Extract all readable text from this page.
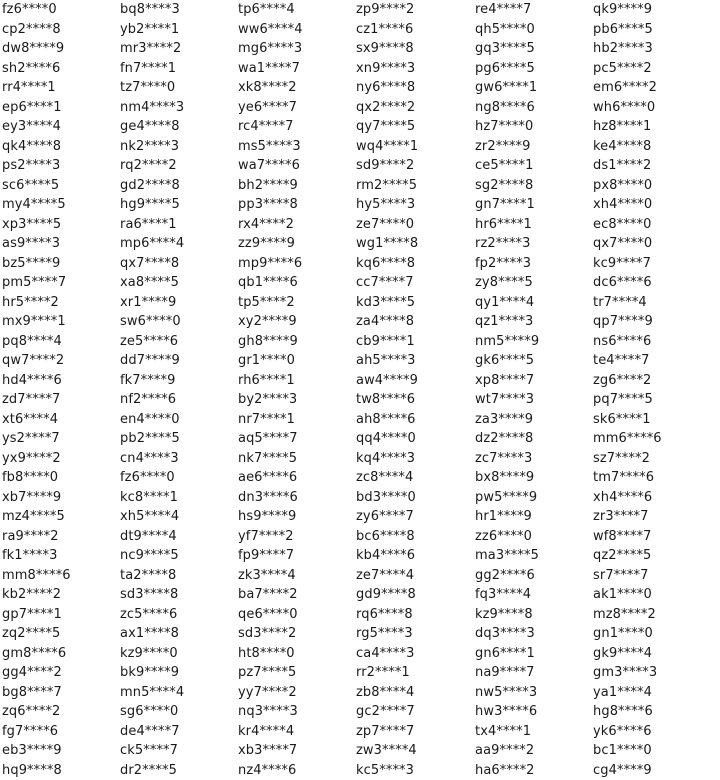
fz6****0	bq8****3	tp6****4	zp9****2	re4****7	qk9****9
cp2****8	yb2****1	ww6****4	cz1****6	qh5****0	pb6****5
dw8****9	mr3****2	mg6****3	sx9****8	gq3****5	hb2****3
sh2****6	fn7****1	wa1****7	xn9****3	pg6****5	pc5****2
rr4****1	tz7****0	xk8****2	ny6****8	gw6****1	em6****2
ep6****1	nm4****3	ye6****7	qx2****2	ng8****6	wh6****0
ey3****4	ge4****8	rc4****7	qy7****5	hz7****0	hz8****1
qk4****8	nk2****3	ms5****3	wq4****1	zr2****9	ke4****8
ps2****3	rq2****2	wa7****6	sd9****2	ce5****1	ds1****2
sc6****5	gd2****8	bh2****9	rm2****5	sg2****8	px8****0
my4****5	hg9****5	pp3****8	hy5****3	gn7****1	xh4****0
xp3****5	ra6****1	rx4****2	ze7****0	hr6****1	ec8****0
as9****3	mp6****4	zz9****9	wg1****8	rz2****3	qx7****0
bz5****9	qx7****8	mp9****6	kq6****8	fp2****3	kc9****7
pm5****7	xa8****5	qb1****6	cc7****7	zy8****5	dc6****6
hr5****2	xr1****9	tp5****2	kd3****5	qy1****4	tr7****4
mx9****1	sw6****0	xy2****9	za4****8	qz1****3	qp7****9
pq8****4	ze5****6	gh8****9	cb9****1	nm5****9	ns6****6
qw7****2	dd7****9	gr1****0	ah5****3	gk6****5	te4****7
hd4****6	fk7****9	rh6****1	aw4****9	xp8****7	zg6****2
zd7****7	nf2****6	by2****3	tw8****6	wt7****3	pq7****5
xt6****4	en4****0	nr7****1	ah8****6	za3****9	sk6****1
ys2****7	pb2****5	aq5****7	qq4****0	dz2****8	mm6****6
yx9****2	cn4****3	nk7****5	kq4****3	zc7****3	sz7****2
fb8****0	fz6****0	ae6****6	zc8****4	bx8****9	tm7****6
xb7****9	kc8****1	dn3****6	bd3****0	pw5****9	xh4****6
mz4****5	xh5****4	hs9****9	zy6****7	hr1****9	zr3****7
ra9****2	dt9****4	yf7****2	bc6****8	zz6****0	wf8****7
fk1****3	nc9****5	fp9****7	kb4****6	ma3****5	qz2****5
mm8****6	ta2****8	zk3****4	ze7****4	gg2****6	sr7****7
kb2****2	sd3****8	ba7****2	gd9****8	fq3****4	ak1****0
gp7****1	zc5****6	qe6****0	rq6****8	kz9****8	mz8****2
zq2****5	ax1****8	sd3****2	rg5****3	dq3****3	gn1****0
gm8****6	kz9****0	ht8****0	ca4****3	gn6****1	gk9****4
gg4****2	bk9****9	pz7****5	rr2****1	na9****7	gm3****3
bg8****7	mn5****4	yy7****2	zb8****4	nw5****3	ya1****4
zq6****2	sg6****0	nq3****3	gc2****7	hw3****6	hg8****6
fg7****6	de4****7	kr4****4	zp7****7	tx4****1	yk6****6
eb3****9	ck5****7	xb3****7	zw3****4	aa9****2	bc1****0
hq9****8	dr2****5	nz4****6	kc5****3	ha6****2	cg4****9
